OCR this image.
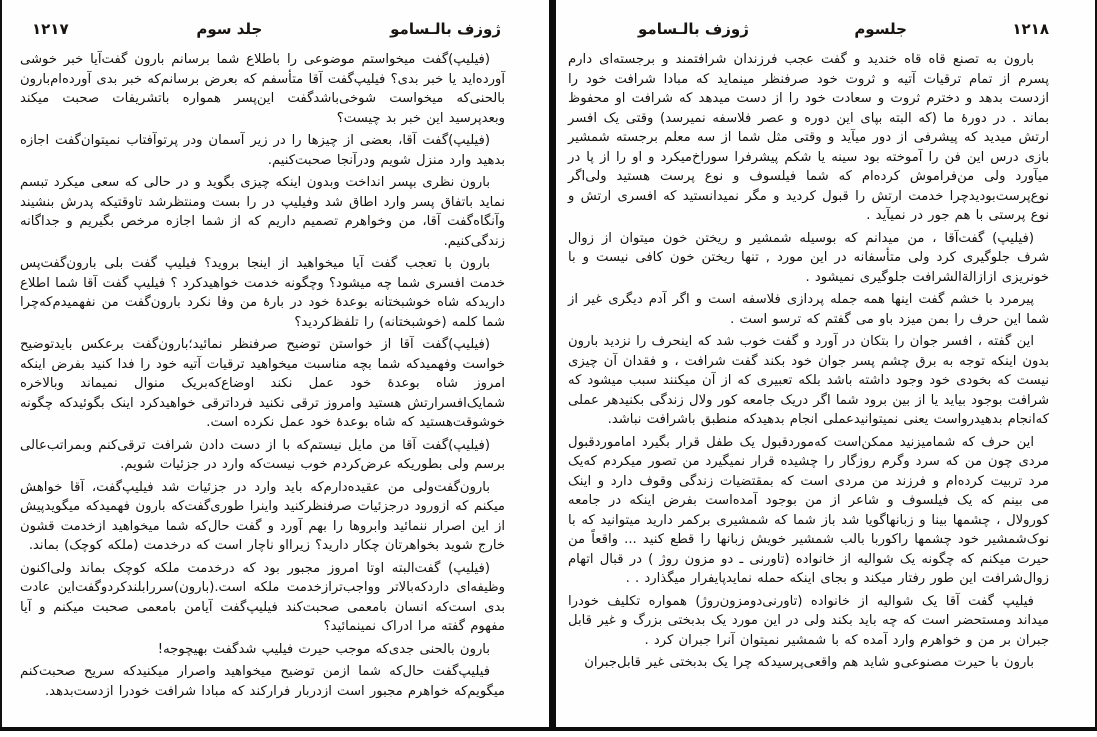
۱۲۱۸
جلسوم
ژوزف بالـسامو

بارون به تصنع قاه قاه خندید و گفت عجب فرزندان شرافتمند و برجسته‌ای دارم پسرم از تمام ترقیات آتیه و ثروت خود صرفنظر مینماید که مبادا شرافت خود را ازدست بدهد و دخترم ثروت و سعادت خود را از دست میدهد که شرافت او محفوظ بماند . در دورهٔ ما (که البته بپای این دوره و عصر فلاسفه نمیرسد) وقتی یک افسر ارتش میدید که پیشرفی از دور میآید و وقتی مثل شما از سه معلم برجسته شمشیر بازی درس این فن را آموخته بود سینه یا شکم پیشرفرا سوراخ‌میکرد و او را از پا در میآورد ولی من‌فراموش کرده‌ام که شما فیلسوف و نوع پرست هستید ولی‌اگر نوع‌پرست‌بودیدچرا خدمت ارتش را قبول کردید و مگر نمیدانستید که افسری ارتش و نوع پرستی با هم جور در نمیآید .

(فیلیپ) گفت‌آقا ، من میدانم که بوسیله شمشیر و ریختن خون میتوان از زوال شرف جلوگیری کرد ولی متأسفانه در این مورد , تنها ریختن خون کافی نیست و با خونریزی ازازالةالشرافت جلوگیری نمیشود .

پیرمرد با خشم گفت اینها همه جمله پردازی فلاسفه است و اگر آدم دیگری غیر از شما این حرف را بمن میزد باو می گفتم که ترسو است .

این گفته ، افسر جوان را بتکان در آورد و گفت خوب شد که اینحرف را نزدید بارون بدون اینکه توجه به برق چشم پسر جوان خود بکند گفت شرافت ، و فقدان آن چیزی نیست که بخودی خود وجود داشته باشد بلکه تعبیری که از آن میکنند سبب میشود که شرافت بوجود بیاید یا از بین برود شما اگر دریک جامعه کور ولال زندگی بکنیدهر عملی که‌انجام بدهیدرواست یعنی نمیتوانیدعملی انجام بدهیدکه منطبق باشرافت نباشد.

این حرف که شمامیزنید ممکن‌است که‌موردقبول یک طفل قرار بگیرد اماموردقبول مردی چون من که سرد وگرم روزگار را چشیده قرار نمیگیرد من تصور میکردم که‌یک مرد تربیت کرده‌ام و فرزند من مردی است که بمقتضیات زندگی وقوف دارد و اینک می بینم که یک فیلسوف و شاعر از من بوجود آمده‌است بفرض اینکه در جامعه کورولال ، چشمها بینا و زبانهاگویا شد باز شما که شمشیری برکمر دارید میتوانید که با نوک‌شمشیر خود چشمها راکوربا بالب شمشیر خویش زبانها را قطع کنید ... واقعاً من حیرت میکنم که چگونه یک شوالیه از خانواده (تاورنی ـ دو مزون روژ ) در قبال اتهام زوال‌شرافت این طور رفتار میکند و بجای اینکه حمله نمایدپایفرار میگذارد . .

فیلیپ گفت آقا یک شوالیه از خانواده (تاورنی‌دومزون‌روژ) همواره تکلیف خودرا میداند ومستحضر است که چه باید بکند ولی در این مورد یک بدبختی بزرگ و غیر قابل جبران بر من و خواهرم وارد آمده که با شمشیر نمیتوان آنرا جبران کرد .

بارون با حیرت مصنوعی‌و شاید هم واقعی‌پرسیدکه چرا یک بدبختی غیر قابل‌جبران

ژوزف بالـسامو
جلد سوم
۱۲۱۷

(فیلیپ)گفت میخواستم موضوعی را باطلاع شما برسانم بارون گفت‌آیا خبر خوشی آورده‌اید یا خبر بدی؟ فیلیپ‌گفت آقا متأسفم که بعرض برسانم‌که خبر بدی آورده‌ام‌بارون بالحنی‌که میخواست شوخی‌باشدگفت این‌پسر همواره باتشریفات صحبت میکند وبعدپرسید این خبر بد چیست؟

(فیلیپ)گفت آقا، بعضی از چیزها را در زیر آسمان ودر پرتوآفتاب نمیتوان‌گفت اجازه بدهید وارد منزل شویم ودرآنجا صحبت‌کنیم.

بارون نظری بپسر انداخت وبدون اینکه چیزی بگوید و در حالی که سعی میکرد تبسم نماید باتفاق پسر وارد اطاق شد وفیلیپ در را بست ومنتظرشد تاوقتیکه پدرش بنشیند وآنگاه‌گفت آقا، من وخواهرم تصمیم داریم که از شما اجازه مرخص بگیریم و جداگانه زندگی‌کنیم.

بارون با تعجب گفت آیا میخواهید از اینجا بروید؟ فیلیپ گفت بلی بارون‌گفت‌پس خدمت افسری شما چه میشود؟ وچگونه خدمت خواهیدکرد ؟ فیلیپ گفت آقا شما اطلاع داریدکه شاه خوشبختانه بوعدهٔ خود در بارهٔ من وفا نکرد بارون‌گفت من نفهمیدم‌که‌چرا شما کلمه (خوشبختانه) را تلفظ‌کردید؟

(فیلیپ)گفت آقا از خواستن توضیح صرفنظر نمائید؛بارون‌گفت برعکس بایدتوضیح خواست وفهمیدکه شما بچه مناسبت میخواهید ترقیات آتیه خود را فدا کنید بفرض اینکه امروز شاه بوعدهٔ خود عمل نکند اوضاع‌که‌بریک منوال نمیماند وبالاخره شمایک‌افسرارتش هستید وامروز ترقی نکنید فرداترقی خواهیدکرد اینک بگوئیدکه چگونه خوشوقت‌هستید که شاه بوعدهٔ خود عمل نکرده است.

(فیلیپ)گفت آقا من مایل نیستم‌که با از دست دادن شرافت ترقی‌کنم وبمراتب‌عالی برسم ولی بطوریکه عرض‌کردم خوب نیست‌که وارد در جزئیات شویم.

بارون‌گفت‌ولی من عقیده‌دارم‌که باید وارد در جزئیات شد فیلیپ‌گفت، آقا خواهش میکنم که ازورود درجزئیات صرفنظرکنید واینرا طوری‌گفت‌که بارون فهمیدکه میگویدپیش از این اصرار ننمائید وابروها را بهم آورد و گفت حال‌که شما میخواهید ازخدمت قشون خارج شوید بخواهرتان چکار دارید؟ زیرااو ناچار است که درخدمت (ملکه کوچک) بماند.

(فیلیپ) گفت‌البته اوتا امروز مجبور بود که درخدمت ملکه کوچک بماند ولی‌اکنون وظیفه‌ای داردکه‌بالاتر وواجب‌ترازخدمت ملکه است.(بارون)سررابلندکردوگفت‌این عادت بدی است‌که انسان بامعمی صحبت‌کند فیلیپ‌گفت آیامن بامعمی صحبت میکنم و آیا مفهوم گفته مرا ادراک نمینمائید؟

بارون بالحنی جدی‌که موجب حیرت فیلیپ شدگفت بهیچوجه!

فیلیپ‌گفت حال‌که شما ازمن توضیح میخواهید واصرار میکنیدکه سریح صحبت‌کنم میگویم‌که خواهرم مجبور است ازدربار فرارکند که مبادا شرافت خودرا ازدست‌بدهد.
